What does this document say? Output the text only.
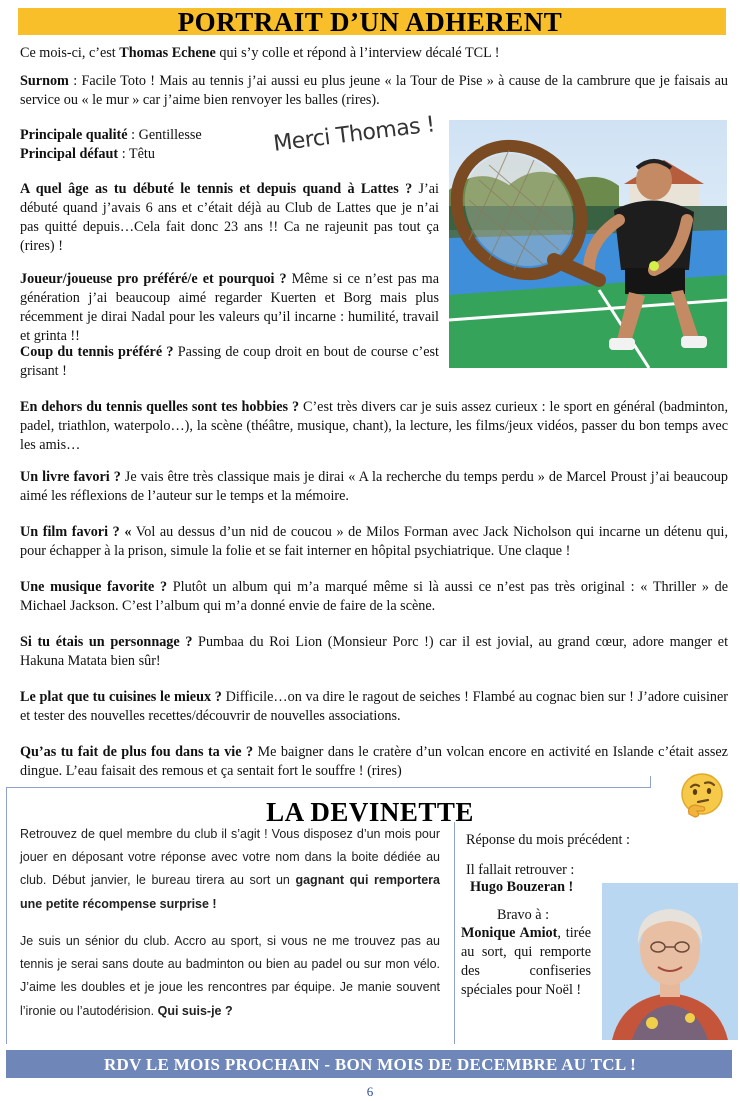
PORTRAIT D’UN ADHERENT

Ce mois-ci, c’est Thomas Echene qui s’y colle et répond à l’interview décalé TCL !

Surnom : Facile Toto ! Mais au tennis j’ai aussi eu plus jeune « la Tour de Pise » à cause de la cambrure que je faisais au service ou « le mur » car j’aime bien renvoyer les balles (rires).

Principale qualité : Gentillesse

Principal défaut : Têtu	Merci Thomas !

A quel âge as tu débuté le tennis et depuis quand à Lattes ? J’ai débuté quand j’avais 6 ans et c’était déjà au Club de Lattes que je n’ai pas quitté depuis…Cela fait donc 23 ans !! Ca ne rajeunit pas tout ça (rires) !

Joueur/joueuse pro préféré/e et pourquoi ? Même si ce n’est pas ma génération j’ai beaucoup aimé regarder Kuerten et Borg mais plus récemment je dirai Nadal pour les valeurs qu’il incarne : humilité, travail et grinta !!

Coup du tennis préféré ? Passing de coup droit en bout de course c’est grisant !

En dehors du tennis quelles sont tes hobbies ? C’est très divers car je suis assez curieux : le sport en général (badminton, padel, triathlon, waterpolo…), la scène (théâtre, musique, chant), la lecture, les films/jeux vidéos, passer du bon temps avec les amis…

Un livre favori ? Je vais être très classique mais je dirai « A la recherche du temps perdu » de Marcel Proust j’ai beaucoup aimé les réflexions de l’auteur sur le temps et la mémoire.

Un film favori ? « Vol au dessus d’un nid de coucou » de Milos Forman avec Jack Nicholson qui incarne un détenu qui, pour échapper à la prison, simule la folie et se fait interner en hôpital psychiatrique. Une claque !

Une musique favorite ? Plutôt un album qui m’a marqué même si là aussi ce n’est pas très original : « Thriller » de Michael Jackson. C’est l’album qui m’a donné envie de faire de la scène.

Si tu étais un personnage ? Pumbaa du Roi Lion (Monsieur Porc !) car il est jovial, au grand cœur, adore manger et Hakuna Matata bien sûr!

Le plat que tu cuisines le mieux ? Difficile…on va dire le ragout de seiches ! Flambé au cognac bien sur ! J’adore cuisiner et tester des nouvelles recettes/découvrir de nouvelles associations.

Qu’as tu fait de plus fou dans ta vie ? Me baigner dans le cratère d’un volcan encore en activité en Islande c’était assez dingue. L’eau faisait des remous et ça sentait fort le souffre ! (rires)

LA DEVINETTE

Retrouvez de quel membre du club il s’agit ! Vous disposez d’un mois pour jouer en déposant votre réponse avec votre nom dans la boite dédiée au club. Début janvier, le bureau tirera au sort un gagnant qui remportera une petite récompense surprise !

Je suis un sénior du club. Accro au sport, si vous ne me trouvez pas au tennis je serai sans doute au badminton ou bien au padel ou sur mon vélo. J’aime les doubles et je joue les rencontres par équipe. Je manie souvent l’ironie ou l’autodérision. Qui suis-je ?

Réponse du mois précédent :
Il fallait retrouver :
Hugo Bouzeran !
Bravo à :

Monique Amiot, tirée au sort, qui remporte des confiseries spéciales pour Noël !

RDV LE MOIS PROCHAIN - BON MOIS DE DECEMBRE AU TCL !
6
